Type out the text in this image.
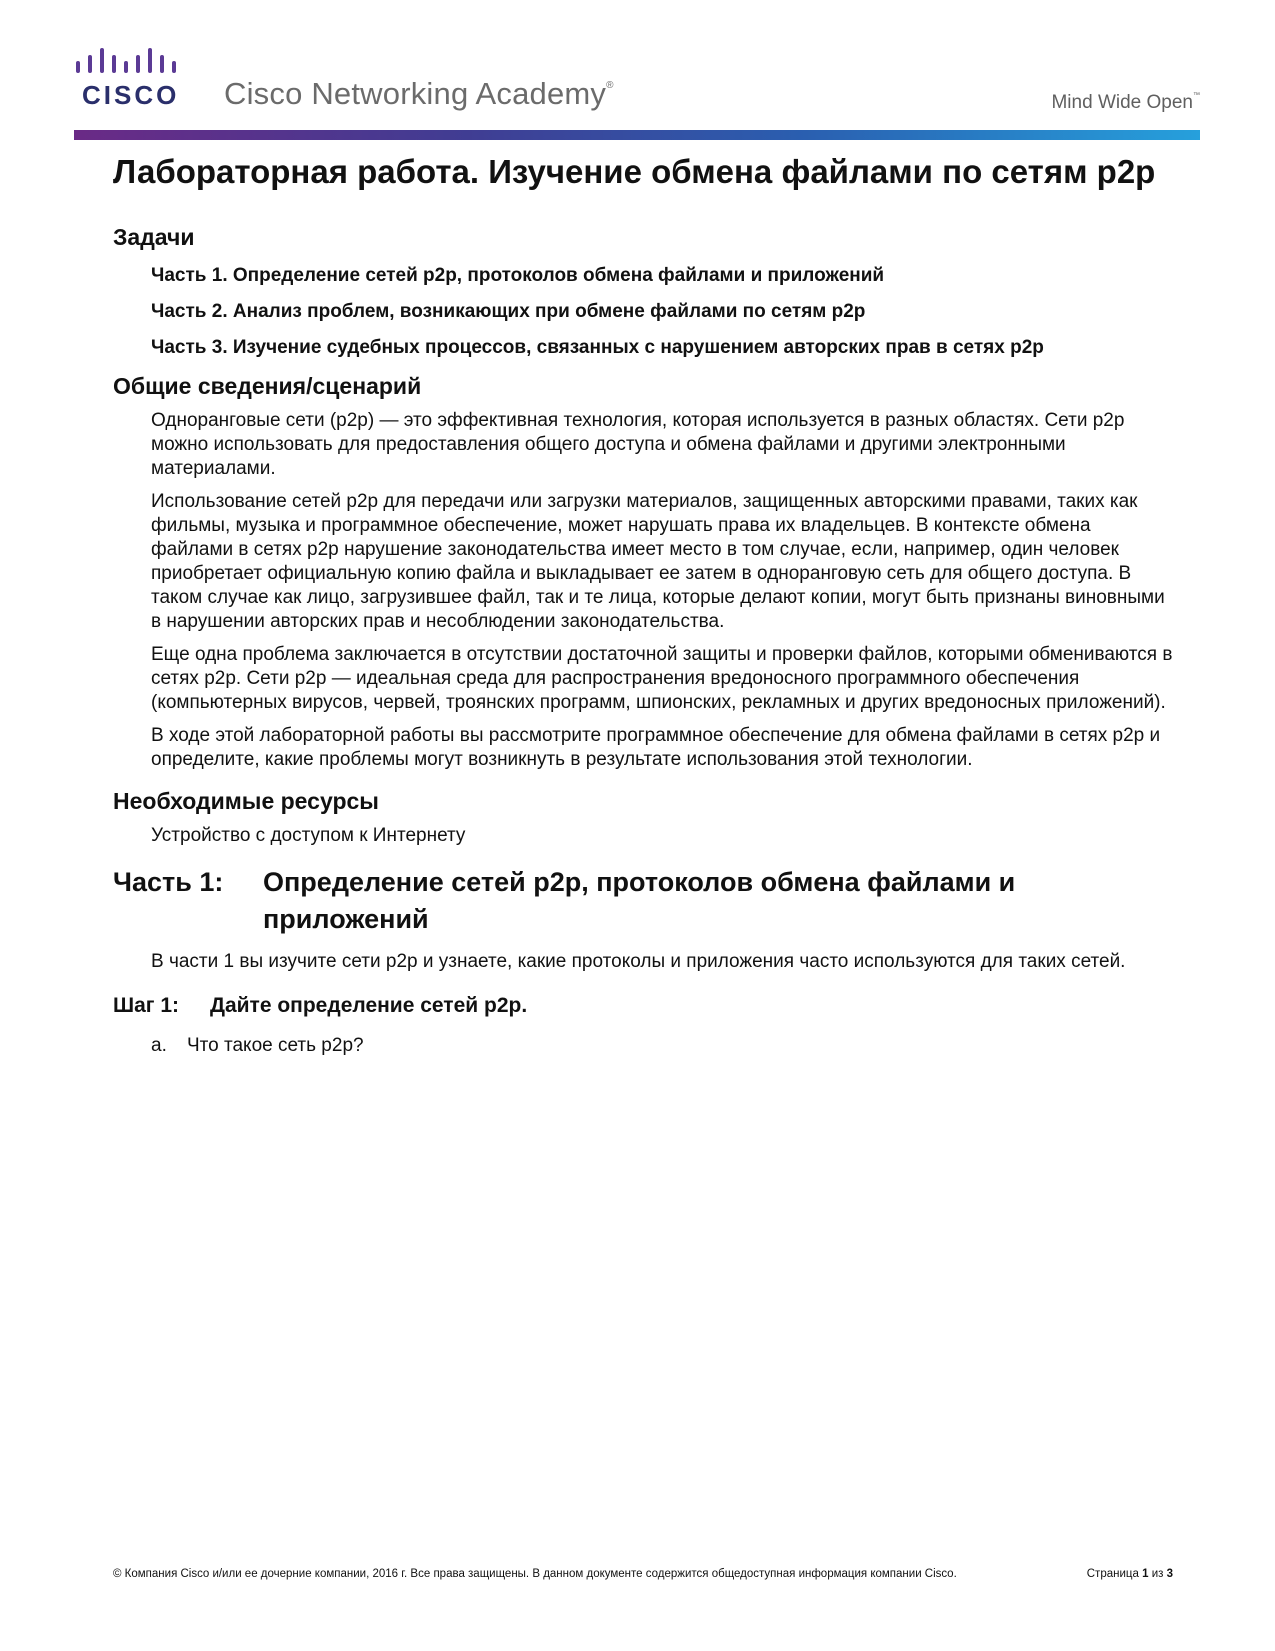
CISCO Cisco Networking Academy®
Mind Wide Open™
Лабораторная работа. Изучение обмена файлами по сетям p2p
Задачи
Часть 1. Определение сетей p2p, протоколов обмена файлами и приложений
Часть 2. Анализ проблем, возникающих при обмене файлами по сетям p2p
Часть 3. Изучение судебных процессов, связанных с нарушением авторских прав в сетях p2p
Общие сведения/сценарий

Одноранговые сети (p2p) — это эффективная технология, которая используется в разных областях. Сети p2p можно использовать для предоставления общего доступа и обмена файлами и другими электронными материалами.

Использование сетей p2p для передачи или загрузки материалов, защищенных авторскими правами, таких как фильмы, музыка и программное обеспечение, может нарушать права их владельцев. В контексте обмена файлами в сетях p2p нарушение законодательства имеет место в том случае, если, например, один человек приобретает официальную копию файла и выкладывает ее затем в одноранговую сеть для общего доступа. В таком случае как лицо, загрузившее файл, так и те лица, которые делают копии, могут быть признаны виновными в нарушении авторских прав и несоблюдении законодательства.

Еще одна проблема заключается в отсутствии достаточной защиты и проверки файлов, которыми обмениваются в сетях p2p. Сети p2p — идеальная среда для распространения вредоносного программного обеспечения (компьютерных вирусов, червей, троянских программ, шпионских, рекламных и других вредоносных приложений).

В ходе этой лабораторной работы вы рассмотрите программное обеспечение для обмена файлами в сетях p2p и определите, какие проблемы могут возникнуть в результате использования этой технологии.

Необходимые ресурсы

Устройство с доступом к Интернету

Часть 1:	Определение сетей p2p, протоколов обмена файлами и приложений

В части 1 вы изучите сети p2p и узнаете, какие протоколы и приложения часто используются для таких сетей.

Шаг 1:	Дайте определение сетей p2p.
a.	Что такое сеть p2p?
© Компания Cisco и/или ее дочерние компании, 2016 г. Все права защищены. В данном документе содержится общедоступная информация компании Cisco.	Страница 1 из 3
